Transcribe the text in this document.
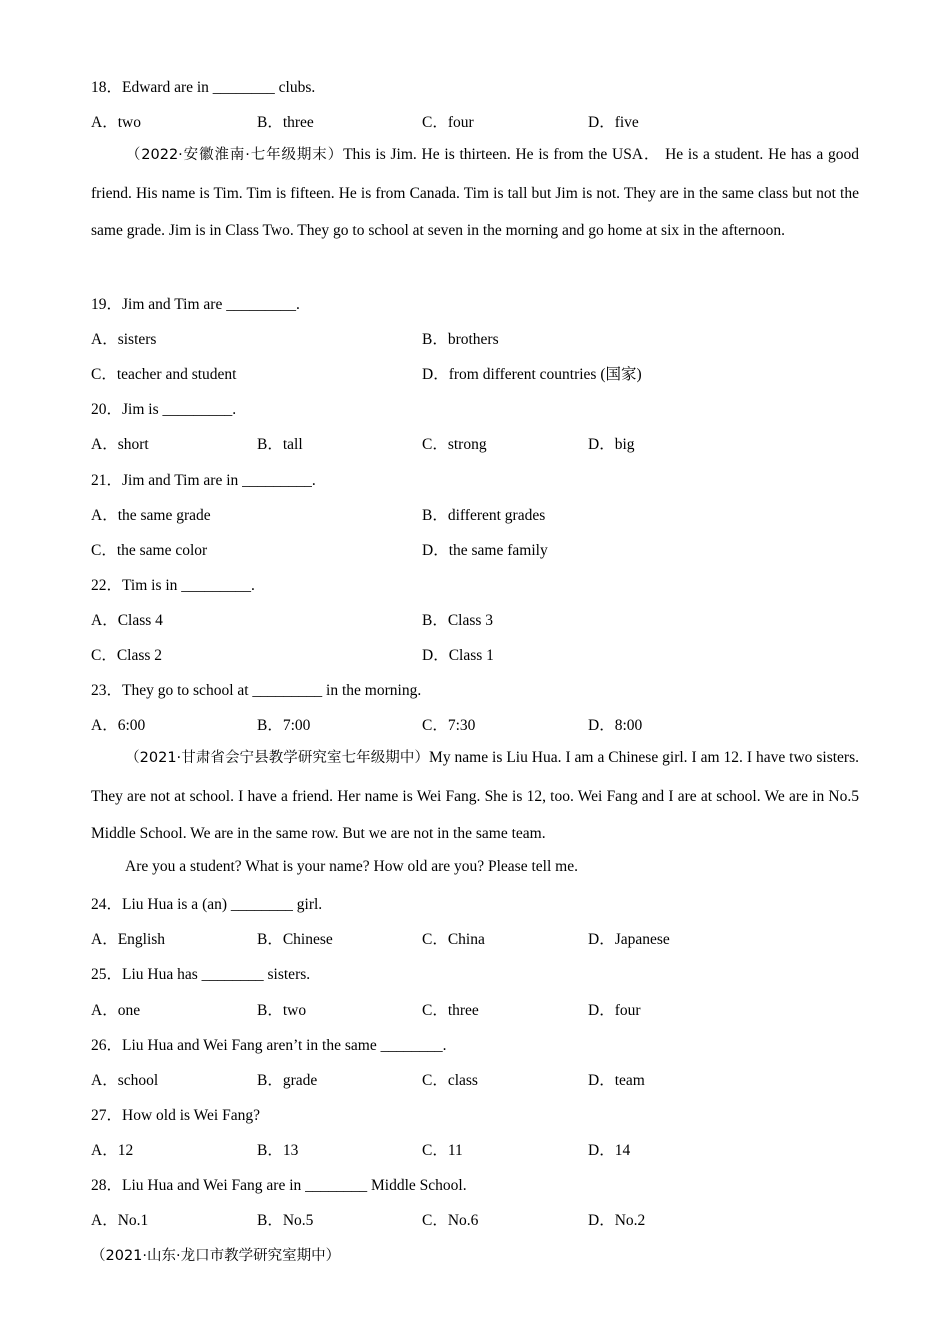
18．Edward are in ________ clubs.
A．two	B．three	C．four	D．five
（2022·安徽淮南·七年级期末）This is Jim. He is thirteen. He is from the USA． He is a student. He has a good friend. His name is Tim. Tim is fifteen. He is from Canada. Tim is tall but Jim is not. They are in the same class but not the same grade. Jim is in Class Two. They go to school at seven in the morning and go home at six in the afternoon.
19．Jim and Tim are _________.
A．sisters	B．brothers
C．teacher and student	D．from different countries (国家)
20．Jim is _________.
A．short	B．tall	C．strong	D．big
21．Jim and Tim are in _________.
A．the same grade	B．different grades
C．the same color	D．the same family
22．Tim is in _________.
A．Class 4	B．Class 3
C．Class 2	D．Class 1
23．They go to school at _________ in the morning.
A．6:00	B．7:00	C．7:30	D．8:00
（2021·甘肃省会宁县教学研究室七年级期中）My name is Liu Hua. I am a Chinese girl. I am 12. I have two sisters. They are not at school. I have a friend. Her name is Wei Fang. She is 12, too. Wei Fang and I are at school. We are in No.5 Middle School. We are in the same row. But we are not in the same team.
Are you a student? What is your name? How old are you? Please tell me.
24．Liu Hua is a (an) ________ girl.
A．English	B．Chinese	C．China	D．Japanese
25．Liu Hua has ________ sisters.
A．one	B．two	C．three	D．four
26．Liu Hua and Wei Fang aren’t in the same ________.
A．school	B．grade	C．class	D．team
27．How old is Wei Fang?
A．12	B．13	C．11	D．14
28．Liu Hua and Wei Fang are in ________ Middle School.
A．No.1	B．No.5	C．No.6	D．No.2
（2021·山东·龙口市教学研究室期中）
